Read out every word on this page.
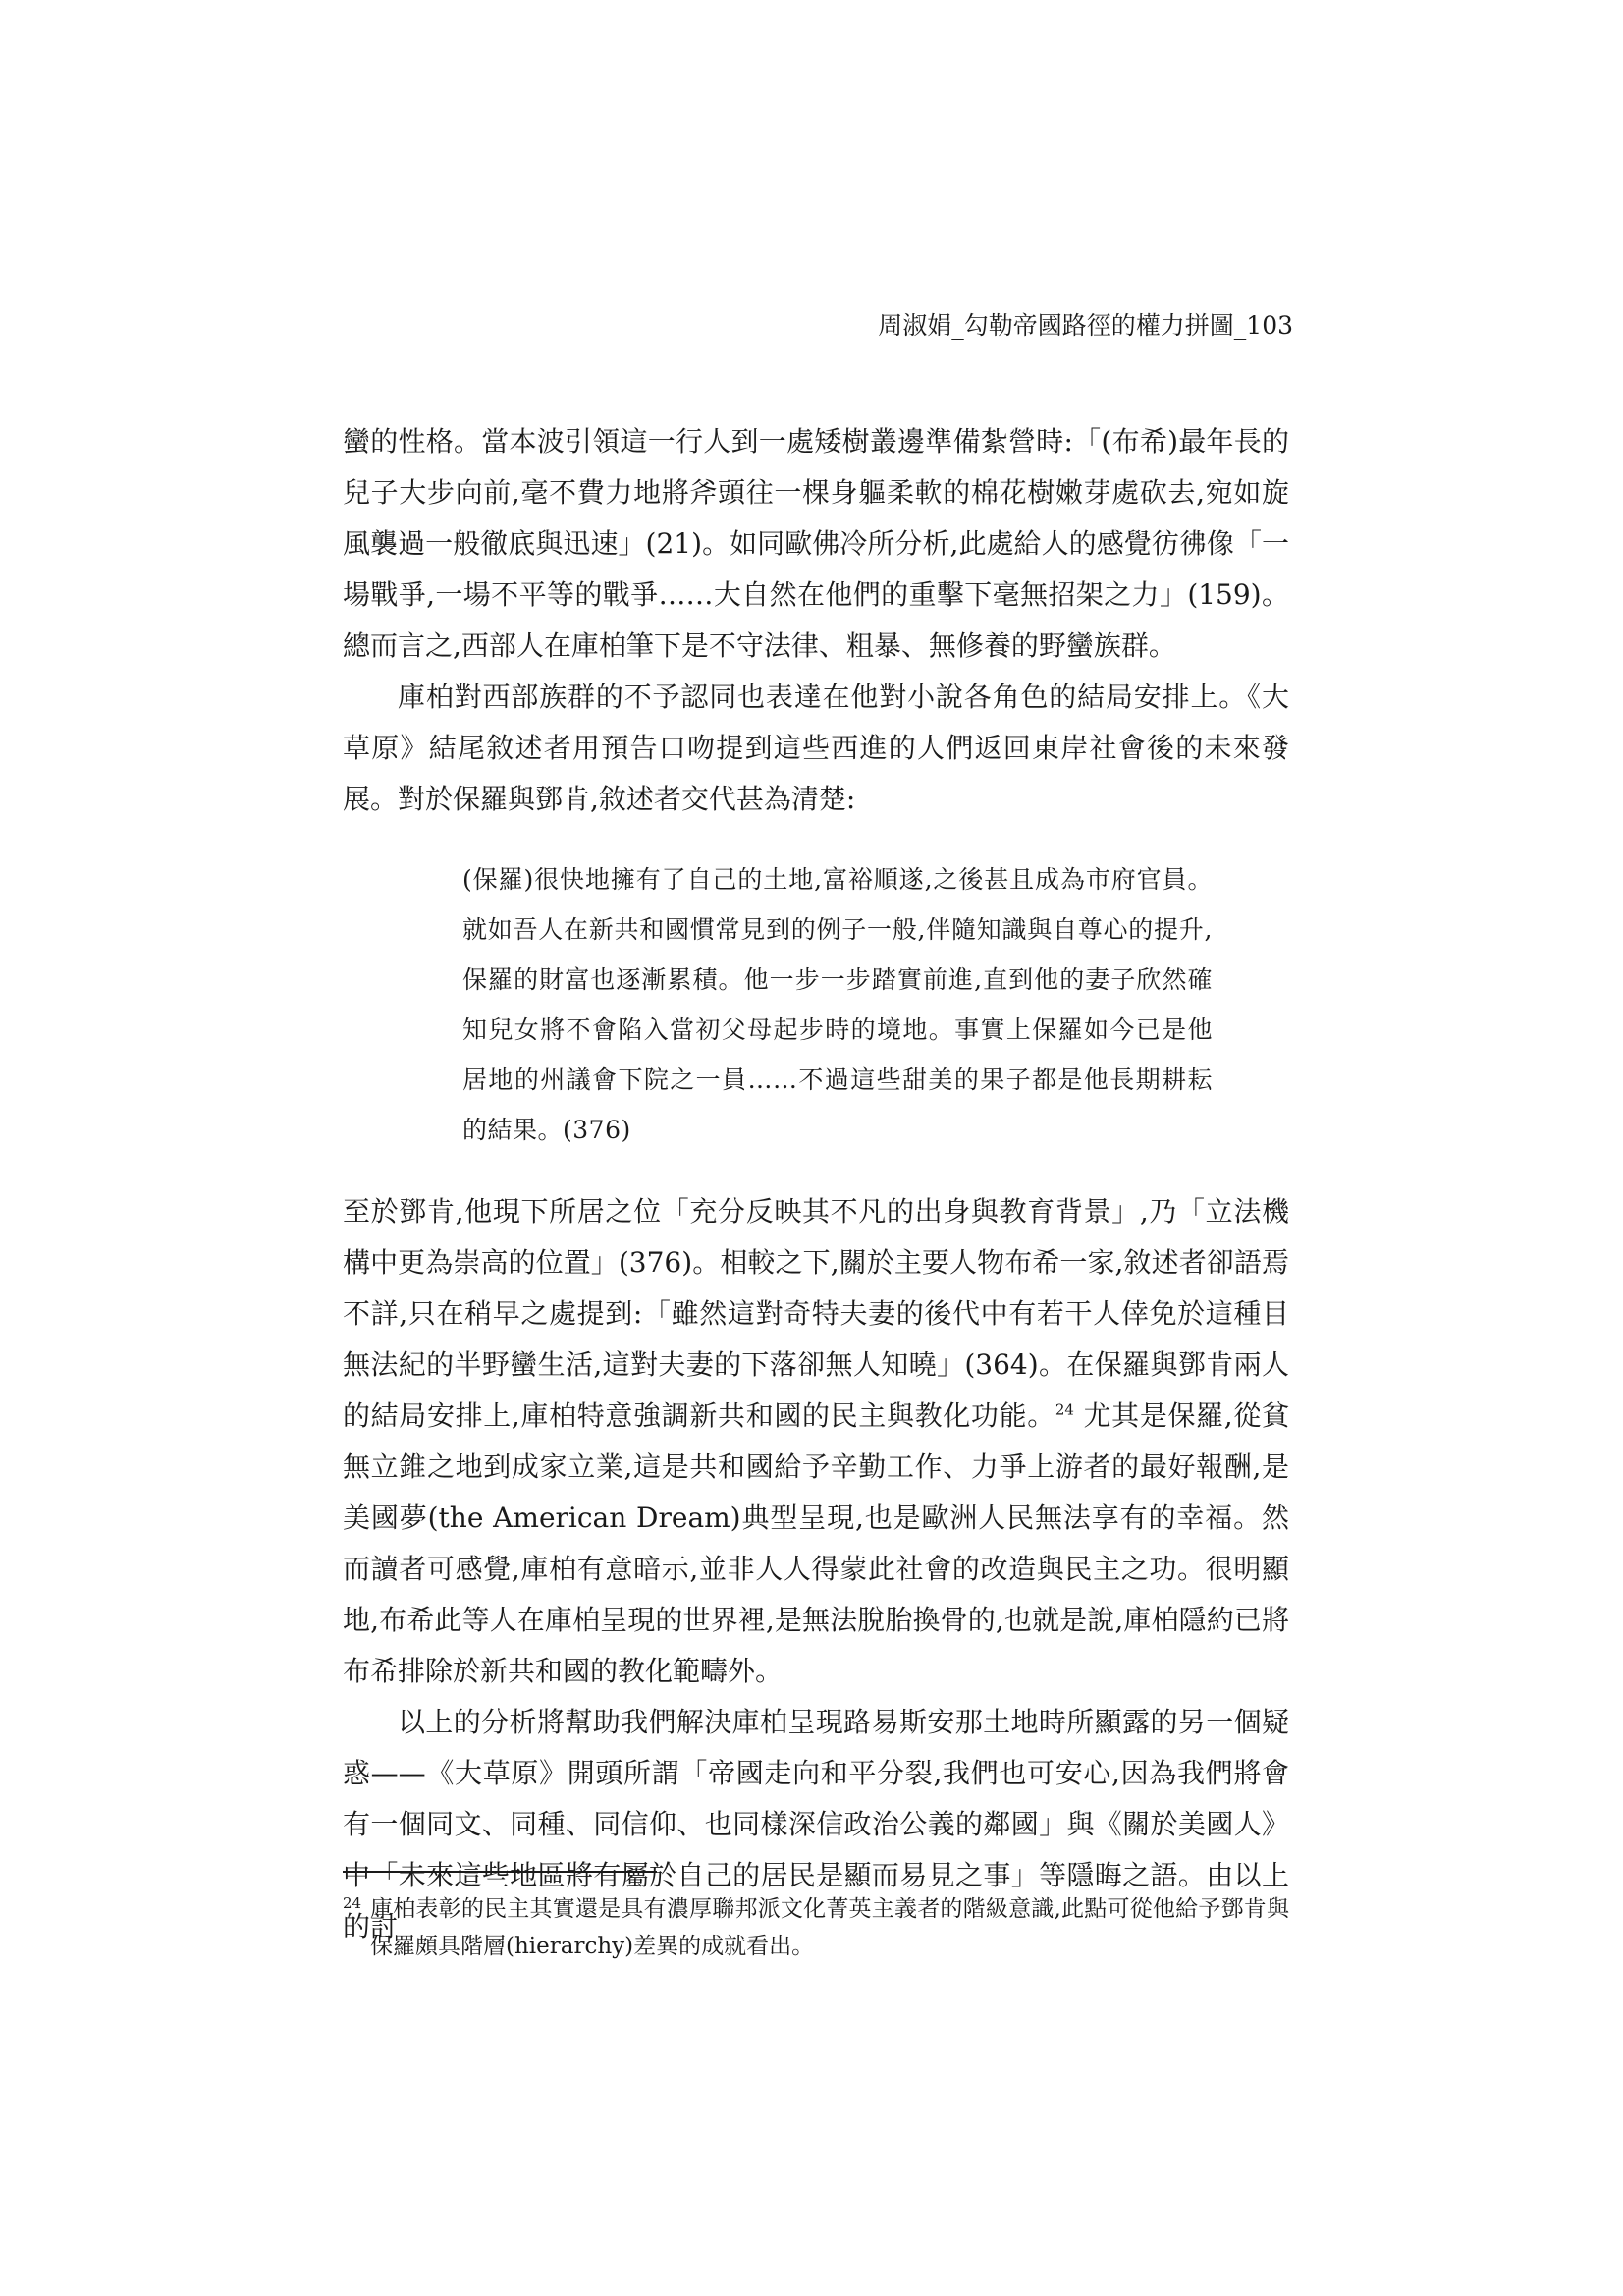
周淑娟_勾勒帝國路徑的權力拼圖_103

蠻的性格。當本波引領這一行人到一處矮樹叢邊準備紮營時:「(布希)最年長的兒子大步向前,毫不費力地將斧頭往一棵身軀柔軟的棉花樹嫩芽處砍去,宛如旋風襲過一般徹底與迅速」(21)。如同歐佛冷所分析,此處給人的感覺彷彿像「一場戰爭,一場不平等的戰爭……大自然在他們的重擊下毫無招架之力」(159)。總而言之,西部人在庫柏筆下是不守法律、粗暴、無修養的野蠻族群。

庫柏對西部族群的不予認同也表達在他對小說各角色的結局安排上。《大草原》結尾敘述者用預告口吻提到這些西進的人們返回東岸社會後的未來發展。對於保羅與鄧肯,敘述者交代甚為清楚:

(保羅)很快地擁有了自己的土地,富裕順遂,之後甚且成為市府官員。就如吾人在新共和國慣常見到的例子一般,伴隨知識與自尊心的提升,保羅的財富也逐漸累積。他一步一步踏實前進,直到他的妻子欣然確知兒女將不會陷入當初父母起步時的境地。事實上保羅如今已是他居地的州議會下院之一員……不過這些甜美的果子都是他長期耕耘的結果。(376)

至於鄧肯,他現下所居之位「充分反映其不凡的出身與教育背景」,乃「立法機構中更為崇高的位置」(376)。相較之下,關於主要人物布希一家,敘述者卻語焉不詳,只在稍早之處提到:「雖然這對奇特夫妻的後代中有若干人倖免於這種目無法紀的半野蠻生活,這對夫妻的下落卻無人知曉」(364)。在保羅與鄧肯兩人的結局安排上,庫柏特意強調新共和國的民主與教化功能。$^{24}$ 尤其是保羅,從貧無立錐之地到成家立業,這是共和國給予辛勤工作、力爭上游者的最好報酬,是美國夢(the American Dream)典型呈現,也是歐洲人民無法享有的幸福。然而讀者可感覺,庫柏有意暗示,並非人人得蒙此社會的改造與民主之功。很明顯地,布希此等人在庫柏呈現的世界裡,是無法脫胎換骨的,也就是說,庫柏隱約已將布希排除於新共和國的教化範疇外。

以上的分析將幫助我們解決庫柏呈現路易斯安那土地時所顯露的另一個疑惑——《大草原》開頭所謂「帝國走向和平分裂,我們也可安心,因為我們將會有一個同文、同種、同信仰、也同樣深信政治公義的鄰國」與《關於美國人》中「未來這些地區將有屬於自己的居民是顯而易見之事」等隱晦之語。由以上的討

24 庫柏表彰的民主其實還是具有濃厚聯邦派文化菁英主義者的階級意識,此點可從他給予鄧肯與保羅頗具階層(hierarchy)差異的成就看出。
